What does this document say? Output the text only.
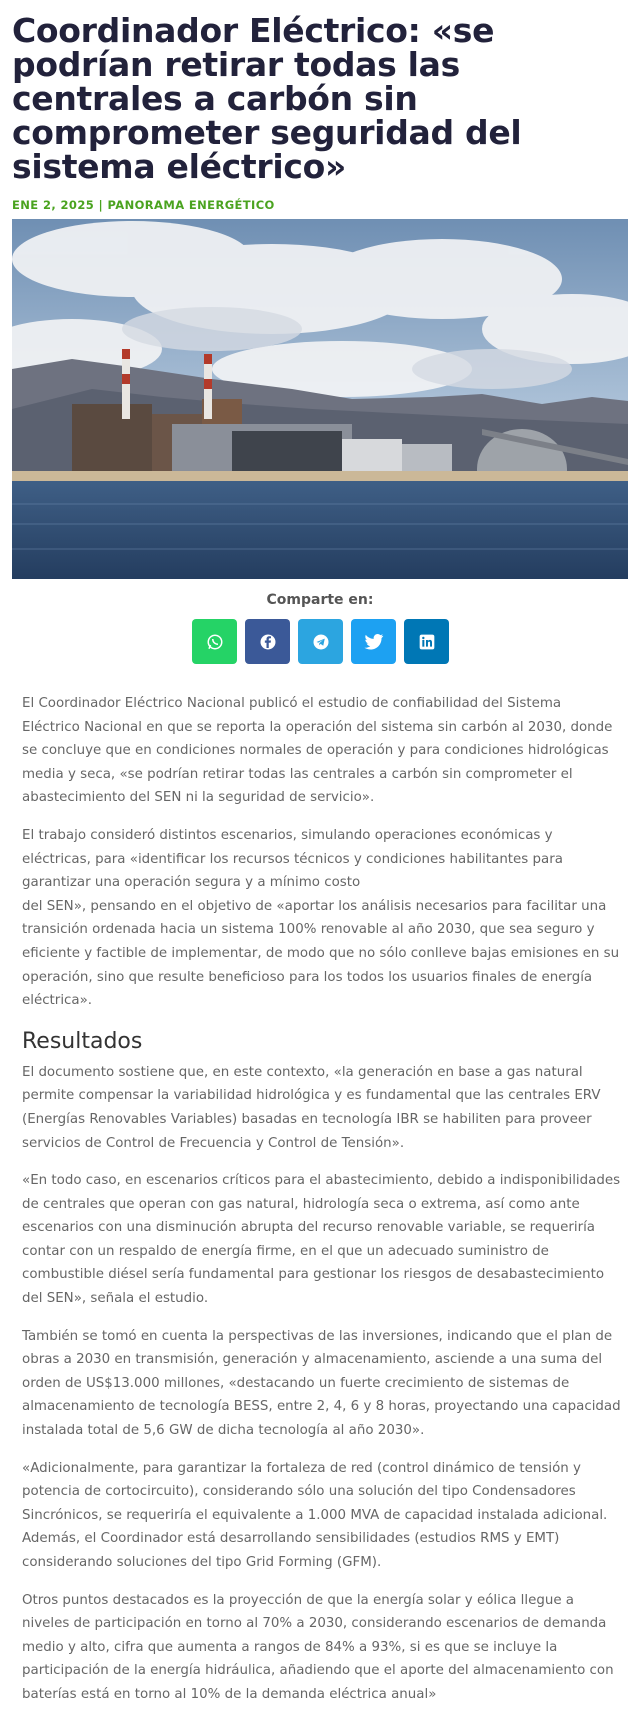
Coordinador Eléctrico: «se podrían retirar todas las centrales a carbón sin comprometer seguridad del sistema eléctrico»
ENE 2, 2025 | PANORAMA ENERGÉTICO
Comparte en:

El Coordinador Eléctrico Nacional publicó el estudio de confiabilidad del Sistema Eléctrico Nacional en que se reporta la operación del sistema sin carbón al 2030, donde se concluye que en condiciones normales de operación y para condiciones hidrológicas media y seca, «se podrían retirar todas las centrales a carbón sin comprometer el abastecimiento del SEN ni la seguridad de servicio».

El trabajo consideró distintos escenarios, simulando operaciones económicas y eléctricas, para «identificar los recursos técnicos y condiciones habilitantes para garantizar una operación segura y a mínimo costo
del SEN», pensando en el objetivo de «aportar los análisis necesarios para facilitar una transición ordenada hacia un sistema 100% renovable al año 2030, que sea seguro y eficiente y factible de implementar, de modo que no sólo conlleve bajas emisiones en su operación, sino que resulte beneficioso para los todos los usuarios finales de energía eléctrica».

Resultados

El documento sostiene que, en este contexto, «la generación en base a gas natural permite compensar la variabilidad hidrológica y es fundamental que las centrales ERV (Energías Renovables Variables) basadas en tecnología IBR se habiliten para proveer servicios de Control de Frecuencia y Control de Tensión».

«En todo caso, en escenarios críticos para el abastecimiento, debido a indisponibilidades de centrales que operan con gas natural, hidrología seca o extrema, así como ante escenarios con una disminución abrupta del recurso renovable variable, se requeriría contar con un respaldo de energía firme, en el que un adecuado suministro de combustible diésel sería fundamental para gestionar los riesgos de desabastecimiento del SEN», señala el estudio.

También se tomó en cuenta la perspectivas de las inversiones, indicando que el plan de obras a 2030 en transmisión, generación y almacenamiento, asciende a una suma del orden de US$13.000 millones, «destacando un fuerte crecimiento de sistemas de almacenamiento de tecnología BESS, entre 2, 4, 6 y 8 horas, proyectando una capacidad instalada total de 5,6 GW de dicha tecnología al año 2030».

«Adicionalmente, para garantizar la fortaleza de red (control dinámico de tensión y potencia de cortocircuito), considerando sólo una solución del tipo Condensadores Sincrónicos, se requeriría el equivalente a 1.000 MVA de capacidad instalada adicional. Además, el Coordinador está desarrollando sensibilidades (estudios RMS y EMT) considerando soluciones del tipo Grid Forming (GFM).

Otros puntos destacados es la proyección de que la energía solar y eólica llegue a niveles de participación en torno al 70% a 2030, considerando escenarios de demanda medio y alto, cifra que aumenta a rangos de 84% a 93%, si es que se incluye la participación de la energía hidráulica, añadiendo que el aporte del almacenamiento con baterías está en torno al 10% de la demanda eléctrica anual»
